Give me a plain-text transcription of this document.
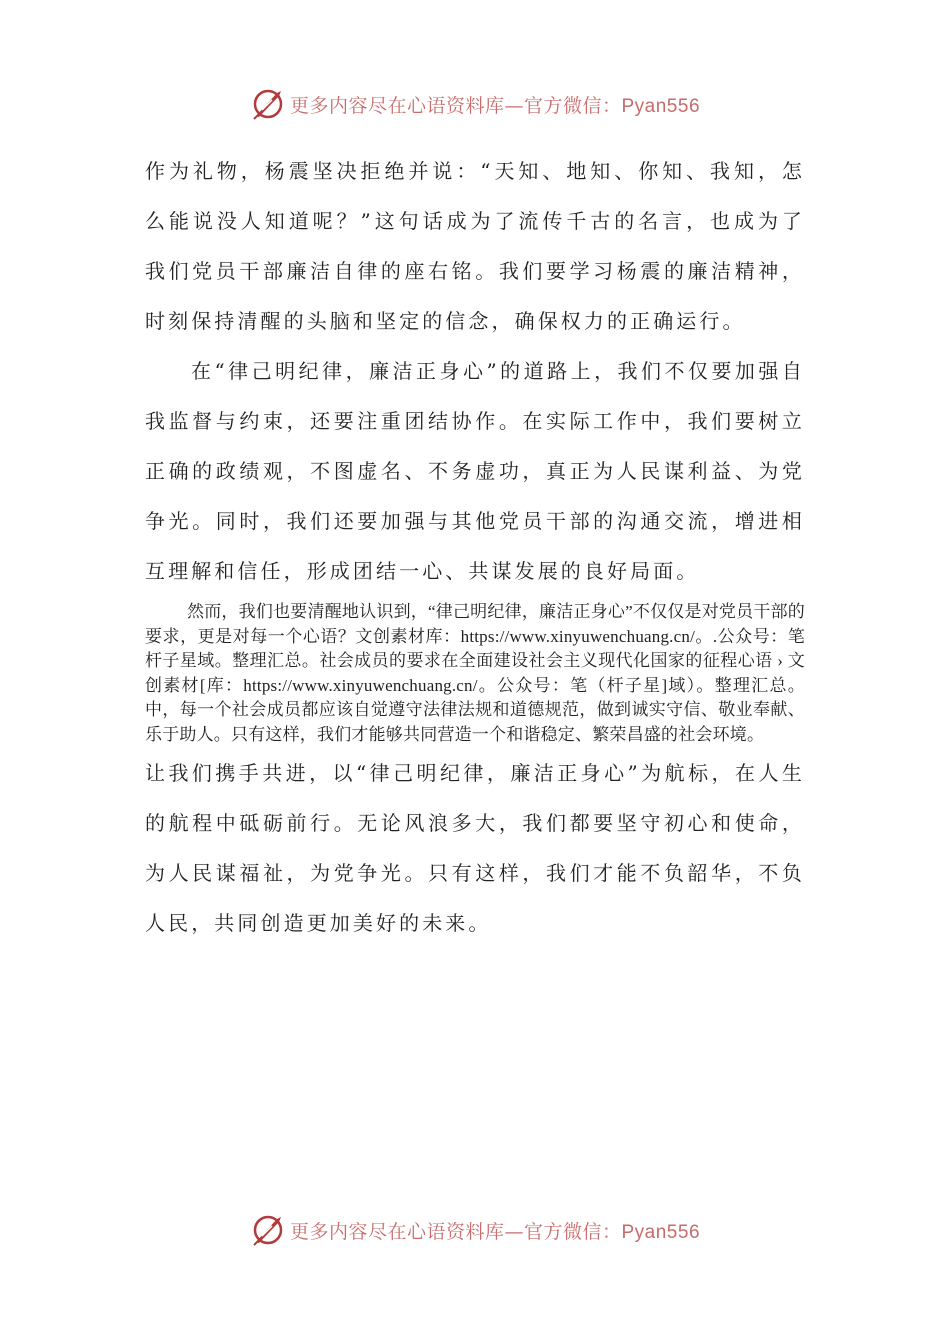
更多内容尽在心语资料库—官方微信：Pyan556

作为礼物，杨震坚决拒绝并说：“天知、地知、你知、我知，怎么能说没人知道呢？”这句话成为了流传千古的名言，也成为了我们党员干部廉洁自律的座右铭。我们要学习杨震的廉洁精神，时刻保持清醒的头脑和坚定的信念，确保权力的正确运行。

在“律己明纪律，廉洁正身心”的道路上，我们不仅要加强自我监督与约束，还要注重团结协作。在实际工作中，我们要树立正确的政绩观，不图虚名、不务虚功，真正为人民谋利益、为党争光。同时，我们还要加强与其他党员干部的沟通交流，增进相互理解和信任，形成团结一心、共谋发展的良好局面。

然而，我们也要清醒地认识到，“律己明纪律，廉洁正身心”不仅仅是对党员干部的要求，更是对每一个心语？文创素材库：https://www.xinyuwenchuang.cn/。.公众号：笔杆子星域。整理汇总。社会成员的要求在全面建设社会主义现代化国家的征程心语 › 文创素材[库：https://www.xinyuwenchuang.cn/。公众号：笔（杆子星]域）。整理汇总。中，每一个社会成员都应该自觉遵守法律法规和道德规范，做到诚实守信、敬业奉献、乐于助人。只有这样，我们才能够共同营造一个和谐稳定、繁荣昌盛的社会环境。

让我们携手共进，以“律己明纪律，廉洁正身心”为航标，在人生的航程中砥砺前行。无论风浪多大，我们都要坚守初心和使命，为人民谋福祉，为党争光。只有这样，我们才能不负韶华，不负人民，共同创造更加美好的未来。

更多内容尽在心语资料库—官方微信：Pyan556
